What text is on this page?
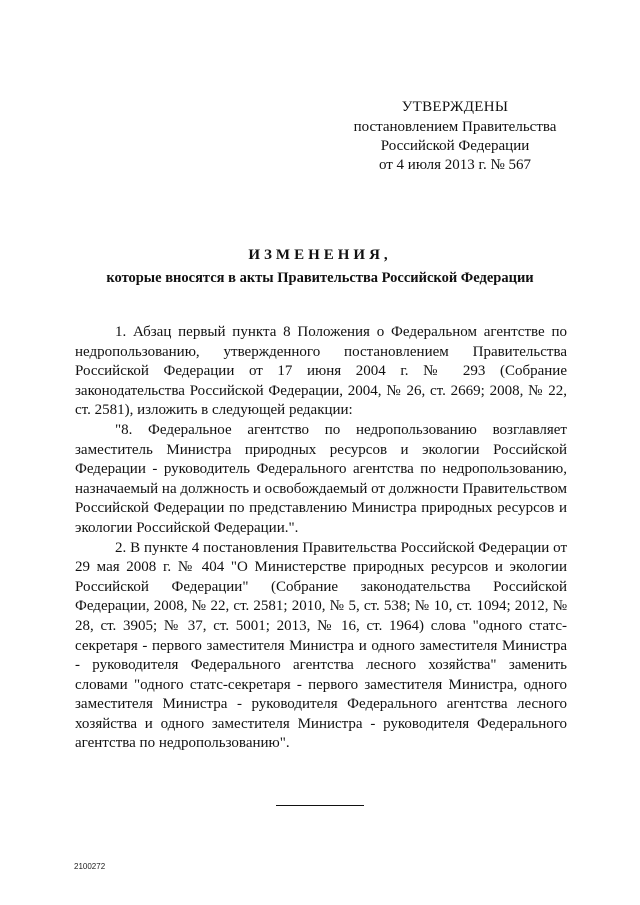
УТВЕРЖДЕНЫ
постановлением Правительства
Российской Федерации
от 4 июля 2013 г. № 567
ИЗМЕНЕНИЯ,
которые вносятся в акты Правительства Российской Федерации

1. Абзац первый пункта 8 Положения о Федеральном агентстве по недропользованию, утвержденного постановлением Правительства Российской Федерации от 17 июня 2004 г. № 293 (Собрание законодательства Российской Федерации, 2004, № 26, ст. 2669; 2008, № 22, ст. 2581), изложить в следующей редакции:

"8. Федеральное агентство по недропользованию возглавляет заместитель Министра природных ресурсов и экологии Российской Федерации - руководитель Федерального агентства по недропользованию, назначаемый на должность и освобождаемый от должности Правительством Российской Федерации по представлению Министра природных ресурсов и экологии Российской Федерации.".

2. В пункте 4 постановления Правительства Российской Федерации от 29 мая 2008 г. № 404 "О Министерстве природных ресурсов и экологии Российской Федерации" (Собрание законодательства Российской Федерации, 2008, № 22, ст. 2581; 2010, № 5, ст. 538; № 10, ст. 1094; 2012, № 28, ст. 3905; № 37, ст. 5001; 2013, № 16, ст. 1964) слова "одного статс-секретаря - первого заместителя Министра и одного заместителя Министра - руководителя Федерального агентства лесного хозяйства" заменить словами "одного статс-секретаря - первого заместителя Министра, одного заместителя Министра - руководителя Федерального агентства лесного хозяйства и одного заместителя Министра - руководителя Федерального агентства по недропользованию".

2100272
